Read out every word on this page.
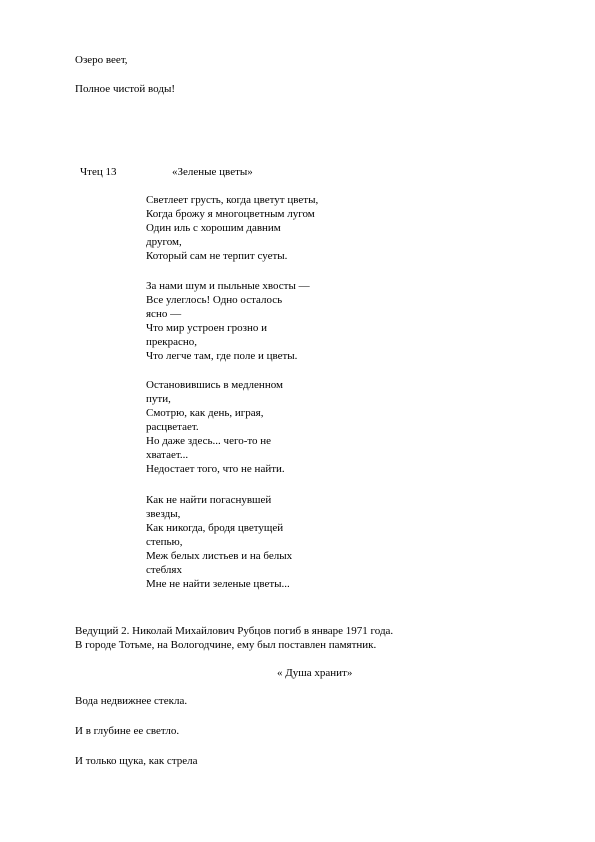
Озеро веет,
Полное чистой воды!
Чтец 13	«Зеленые цветы»
Светлеет грусть, когда цветут цветы,
Когда брожу я многоцветным лугом
Один иль с хорошим давним
другом,
Который сам не терпит суеты.
За нами шум и пыльные хвосты —
Все улеглось! Одно осталось
ясно —
Что мир устроен грозно и
прекрасно,
Что легче там, где поле и цветы.
Остановившись в медленном
пути,
Смотрю, как день, играя,
расцветает.
Но даже здесь... чего-то не
хватает...
Недостает того, что не найти.
Как не найти погаснувшей
звезды,
Как никогда, бродя цветущей
степью,
Меж белых листьев и на белых
стеблях
Мне не найти зеленые цветы...
Ведущий 2. Николай Михайлович Рубцов погиб в январе 1971 года.
В городе Тотьме, на Вологодчине, ему был поставлен памятник.
« Душа хранит»
Вода недвижнее стекла.
И в глубине ее светло.
И только щука, как стрела
